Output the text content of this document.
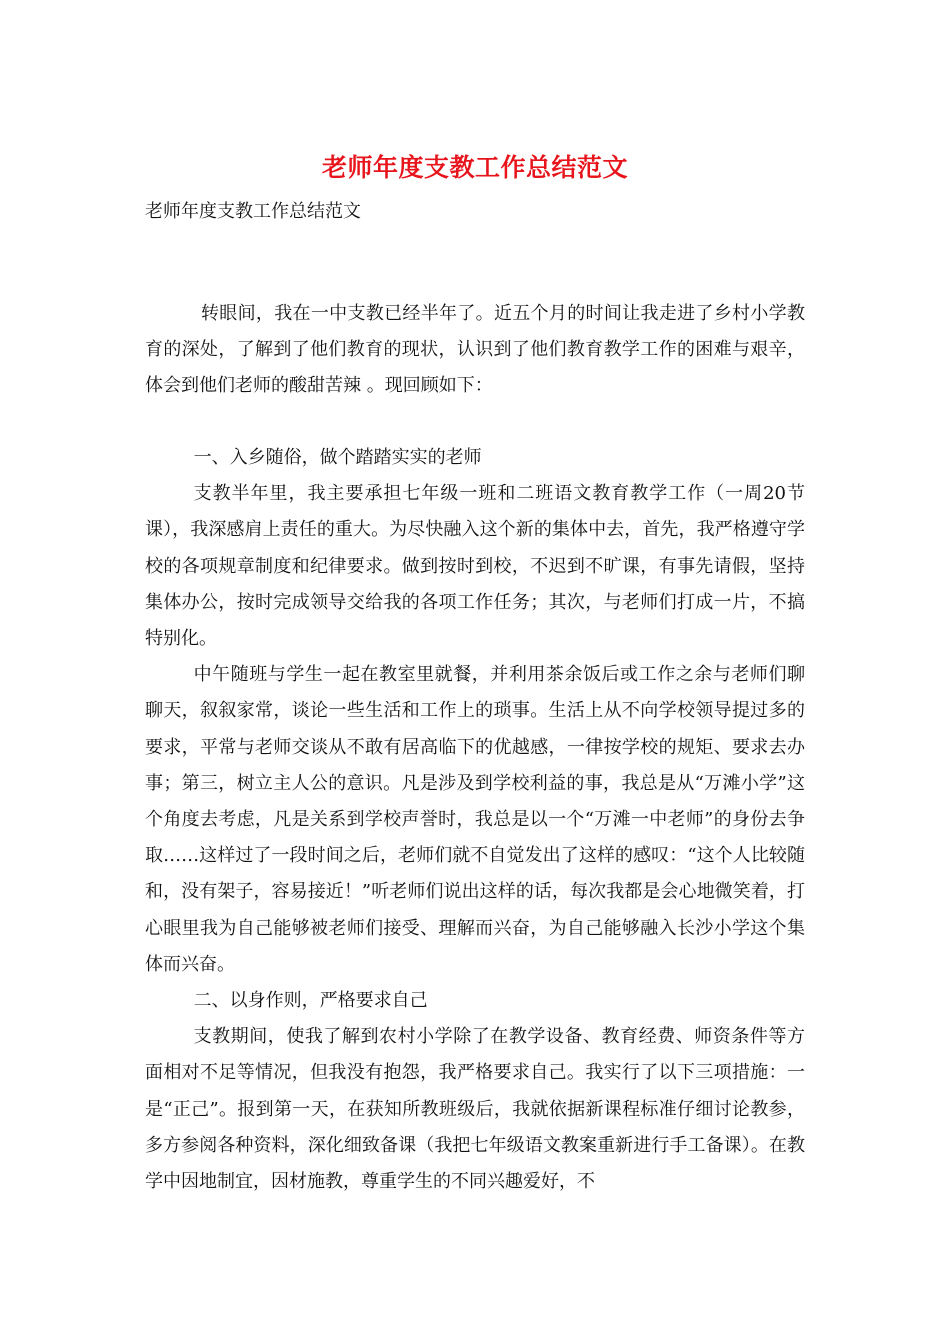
老师年度支教工作总结范文
老师年度支教工作总结范文
转眼间，我在一中支教已经半年了。近五个月的时间让我走进了乡村小学教育的深处，了解到了他们教育的现状，认识到了他们教育教学工作的困难与艰辛，体会到他们老师的酸甜苦辣 。现回顾如下：

一、入乡随俗，做个踏踏实实的老师

支教半年里，我主要承担七年级一班和二班语文教育教学工作（一周20节课），我深感肩上责任的重大。为尽快融入这个新的集体中去，首先，我严格遵守学校的各项规章制度和纪律要求。做到按时到校，不迟到不旷课，有事先请假，坚持集体办公，按时完成领导交给我的各项工作任务；其次，与老师们打成一片，不搞特别化。

中午随班与学生一起在教室里就餐，并利用茶余饭后或工作之余与老师们聊聊天，叙叙家常，谈论一些生活和工作上的琐事。生活上从不向学校领导提过多的要求，平常与老师交谈从不敢有居高临下的优越感，一律按学校的规矩、要求去办事；第三，树立主人公的意识。凡是涉及到学校利益的事，我总是从“万滩小学”这个角度去考虑，凡是关系到学校声誉时，我总是以一个“万滩一中老师”的身份去争取……这样过了一段时间之后，老师们就不自觉发出了这样的感叹：“这个人比较随和，没有架子，容易接近！”听老师们说出这样的话，每次我都是会心地微笑着，打心眼里我为自己能够被老师们接受、理解而兴奋，为自己能够融入长沙小学这个集体而兴奋。

二、以身作则，严格要求自己

支教期间，使我了解到农村小学除了在教学设备、教育经费、师资条件等方面相对不足等情况，但我没有抱怨，我严格要求自己。我实行了以下三项措施：一是“正己”。报到第一天，在获知所教班级后，我就依据新课程标准仔细讨论教参，多方参阅各种资料，深化细致备课（我把七年级语文教案重新进行手工备课）。在教学中因地制宜，因材施教，尊重学生的不同兴趣爱好，不
